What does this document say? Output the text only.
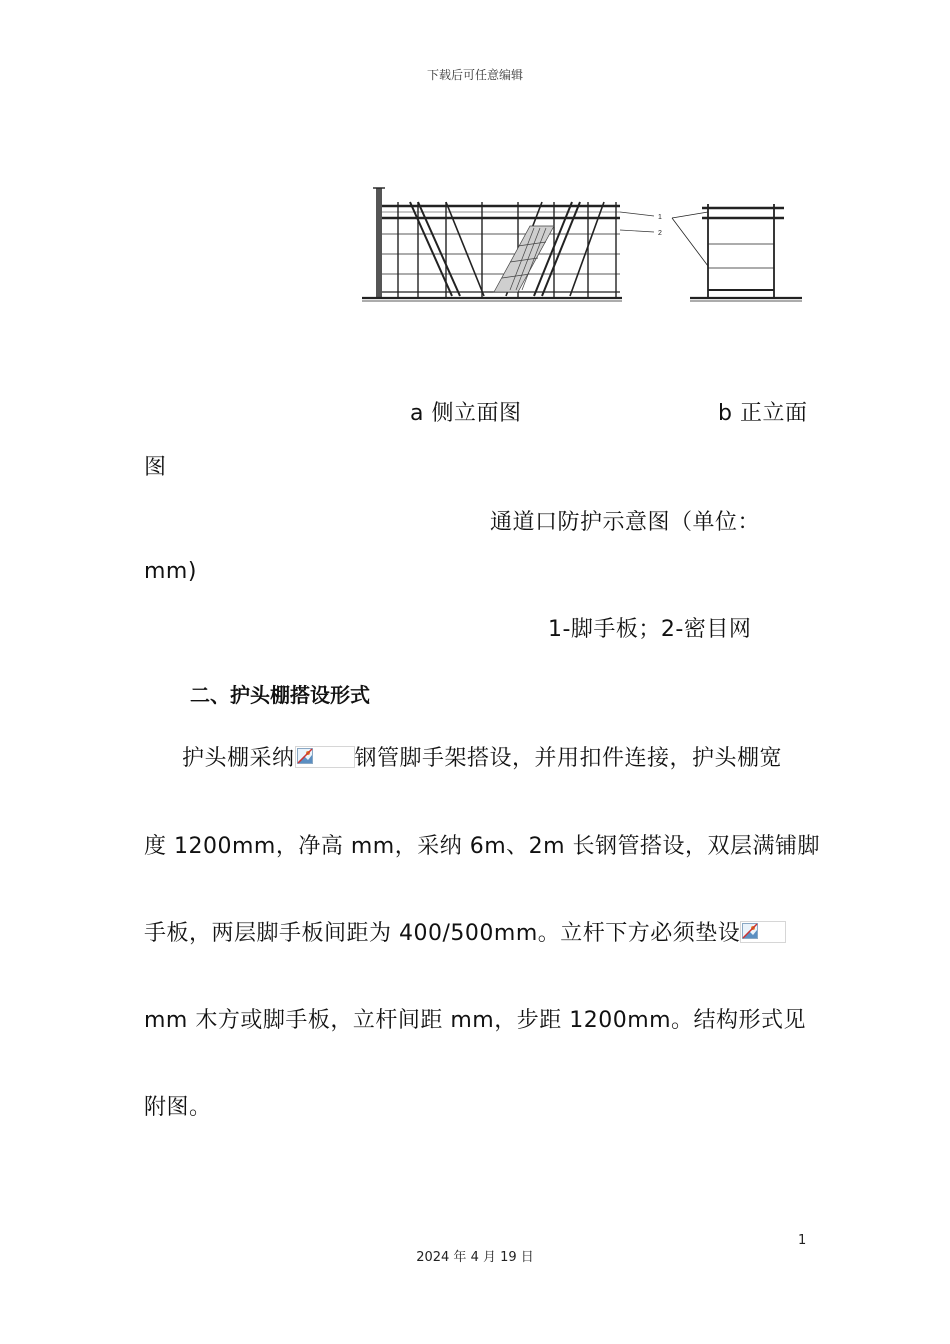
下载后可任意编辑
1
2
a 侧立面图	b 正立面
图
通道口防护示意图（单位：
mm)
1-脚手板；2-密目网
二、护头棚搭设形式
护头棚采纳	钢管脚手架搭设，并用扣件连接，护头棚宽
度 1200mm，净高 mm，采纳 6m、2m 长钢管搭设，双层满铺脚
手板，两层脚手板间距为 400/500mm。立杆下方必须垫设
mm 木方或脚手板，立杆间距 mm，步距 1200mm。结构形式见
附图。
1
2024 年 4 月 19 日
